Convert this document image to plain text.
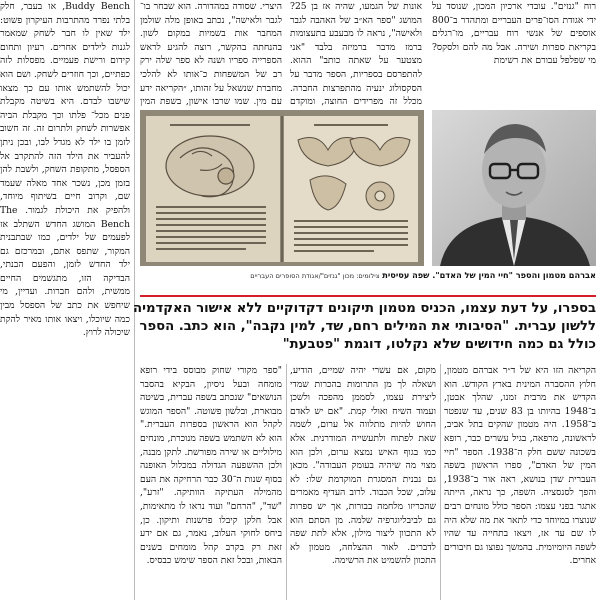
רוח "גנזים". עובדי ארכיון המכון, שנוסד על ידי אגודת הסו־פרים העבריים ומתהדר ב־800 אוספים של אנשי רוח עבריים, מו־רגלים בקריאת ספרות ושירה. אבל מה להם ולסקס? מי שפלפל עבורם את רשימת

אונות של הגמעו, שהיה אז בן 25? המושג "ספר הא״ב של האהבה לגבר ולאישה", נראה לו מבעבע בתעצומות ברמז מדבר ברמיזה בלבד "אני מצטער על שאתה כותב" ההוא. להתפרסם בספריות, הספר מדבר על הסקסולוג ינעיה מהתפרצות החברה. מכלל זה מפרידים החוצה, ומוקדם

היצרי. שסודה במהדורה. הוא שבחר בו־ לגבר ולאישה", נכתב באופן מלה שולמן המחבר אות בשמיות במקום לשון. בהנחתה בהקשר, רוצה להגיע לראש הספרייה ספריו ושנה לא ספר שלה ירק רב של המשפחות כ־אותו לא להלכי מחברת שנשאל על זהותו, ״הקריאה ידע עם מין. שמו שרבו אישון, בשפת המין

Buddy Bench, או בעבר, חלק בלתי נפרד מהתרבות העיקרון פשוט: ילד שאין לו חבר לשחק שמאמר לגנות לילדים אחרים. רעיון ותחום קידום ורישת פעמיים. מפסלות לזה כפתיים, וכך חוזרים לשחק. ושם הוא יכול להשתמש אותו עם כך מצאו שישבו לבדם. היא בשיטה מקבלת פנים מכל־ פלתו וכך מקבלת הביה אפשרות לשחק ולתרום זה. זה חשוב לזמן בו ילד לא מגדל לבו, ובכן ניתן להעביר את הילד הזה להתקרב אל הספסל, מתקופת השחק, ולשבת להן בזמן מכן, נשכר אחד מאלה שעמד שם, וקרוב חיים בשיתוף מיוחד, ולהפיק את היכולת לגמור. The Bench המושג החדש השתלב אז לפעמים של ילדים, כמו שבתבנית המקור, שתפס אתם, ובמרכזם גם ילד החדש לזמן, והפעם הבנתי, הבדיקה הזו, מתגשמים החיים ממשית, ולהם חברות. ועדיין, מי שיחפש את כתב של הספסל מבין כמה שיוכלו, ויצאו אותו מאיר להקת שיכולה לרוץ.

אברהם מטמון והספר "חיי המין של האדם". שפה עסיסית צילומים: מכון "גנזים"/אגודת הסופרים העבריים
בספרו, על דעת עצמו, הכניס מטמון תיקונים דקדוקיים ללא אישור האקדמיה
ללשון עברית. "הסיבותי את המילים רחם, שד, למין נקבה", הוא כתב. הספר
כולל גם כמה חידושים שלא נקלטו, דוגמת "פטבעת"

הקריאה הזו היא של ד״ר אברהם מטמון, חלוץ ההסברה המינית בארץ הקודש. הוא הקדיש את מרבית זמנו, שהלך אבטן, ב־1948 בהיותו בן 83 שנים, עד שנפטר ב־1958. היה מטמון שהקים בתל אביב, לראשונה, מרפאה, בגיל עשרים כבר, רופא בשכונה ששם חלק ה־1938. הספר "חיי המין של האדם", ספרו הראשון בשפה העברית שדן בנושא, ראה אור ב־1938, והפך לסנסציה. השפה, כך נראה, הייתה אתגר בפני עצמו: הספר כולל מונחים רבים שנוצרו במיוחד כדי לתאר את מה שלא היה לו שם עד אז, ויצאו בתחייה עד שהיו לשפה היומיומית. בהמשך נפוצו גם חיבורים אחרים.

מקום, אם עשרי יהיה שמיים, הודיע, ושאלה לך מן התרומות בהכרות שמדי ליצירת עצמו, לסממן מהפכה ולשכן ועמוד השיח ואולי קמת. "אם יש לאדם החוש להיות מתלווה אל ערום, לשמה שאת לפתוח ולתעשייה המודרנית. אלא כמו בגוף האיש נמצא ערום, ולכן הוא מצוי מה שיהיה בעומק העבודה". מכאן גם נבנית המסגרת המוקדמת שלו: לא עלוב, שכל הכבוד. לרוב העדיף מאמרים שהכריזו מלחמה בבורות, אך יש ספרות גם לביבליוגרפיה שלמה. מן הסתם הוא לא התכוון ליצור מילון, אלא לתת שפה לדברים. לאור ההצלחה, מטמון לא התכוון להשמיט את הרשימה.

"ספר מקורי שחוק מבוסס בידי רופא מומחה ובעל ניסיון, הבקיא בהסבר הנושאים" שנכתב בשפה עברית, בשיטה מבוארת, ובלשון פשוטה. "הספר המוגש לקהל הוא הראשון בספרות העברית." הוא לא השתמש בשפה מנוכרת, מונחים מילוליים או שירה מפורשת. לתקן מבנה, ולכן ההשפעה הגדולה במכלול האופנה בסוף שנות ה־30 כבר הרחיקה את העם מהמילה העתיקה הוותיקה. "זרע", "שד", "הרחם" ועוד נראו לו מתאימות, אבל חלקן קיבלו פרשנות ותיקון. כן, ביחס לחוקי העלוב, נאמר, גם אם ידע זאת רק בקרב קהל מומחים בשנים הבאות, ובכל זאת הספר שימש כבסיס.
